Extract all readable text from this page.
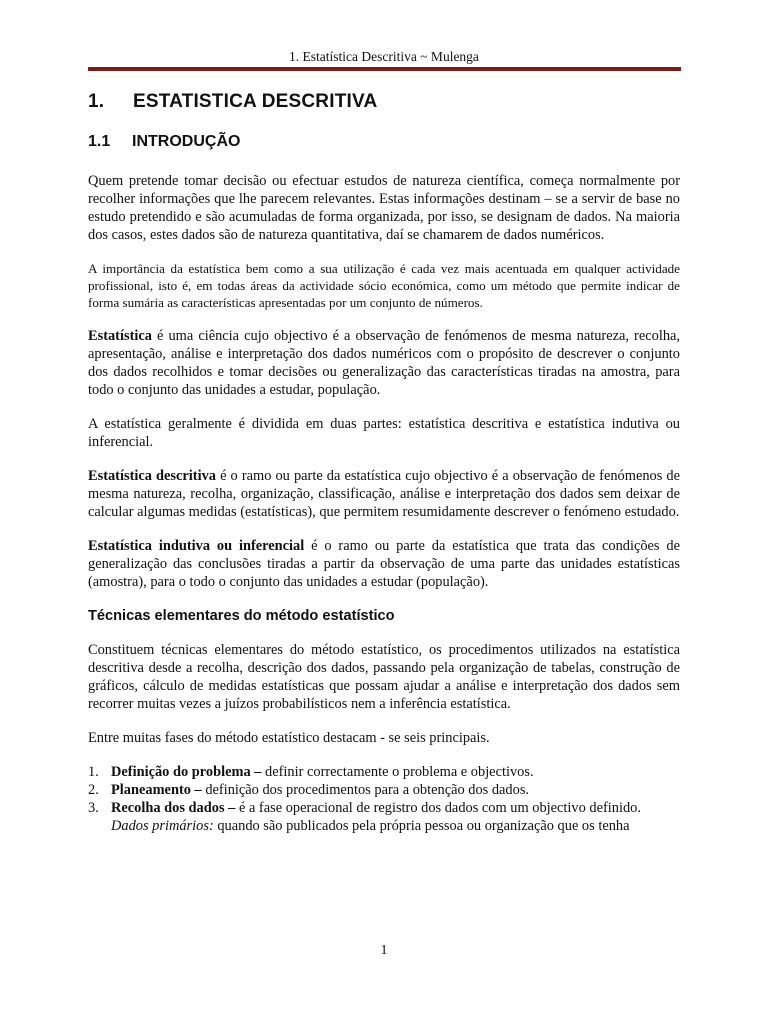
1. Estatística Descritiva ~ Mulenga
1. ESTATISTICA DESCRITIVA
1.1 INTRODUÇÃO

Quem pretende tomar decisão ou efectuar estudos de natureza científica, começa normalmente por recolher informações que lhe parecem relevantes. Estas informações destinam – se a servir de base no estudo pretendido e são acumuladas de forma organizada, por isso, se designam de dados. Na maioria dos casos, estes dados são de natureza quantitativa, daí se chamarem de dados numéricos.

A importância da estatística bem como a sua utilização é cada vez mais acentuada em qualquer actividade profissional, isto é, em todas áreas da actividade sócio económica, como um método que permite indicar de forma sumária as características apresentadas por um conjunto de números.

Estatística é uma ciência cujo objectivo é a observação de fenómenos de mesma natureza, recolha, apresentação, análise e interpretação dos dados numéricos com o propósito de descrever o conjunto dos dados recolhidos e tomar decisões ou generalização das características tiradas na amostra, para todo o conjunto das unidades a estudar, população.

A estatística geralmente é dividida em duas partes: estatística descritiva e estatística indutiva ou inferencial.

Estatística descritiva é o ramo ou parte da estatística cujo objectivo é a observação de fenómenos de mesma natureza, recolha, organização, classificação, análise e interpretação dos dados sem deixar de calcular algumas medidas (estatísticas), que permitem resumidamente descrever o fenómeno estudado.

Estatística indutiva ou inferencial é o ramo ou parte da estatística que trata das condições de generalização das conclusões tiradas a partir da observação de uma parte das unidades estatísticas (amostra), para o todo o conjunto das unidades a estudar (população).

Técnicas elementares do método estatístico

Constituem técnicas elementares do método estatístico, os procedimentos utilizados na estatística descritiva desde a recolha, descrição dos dados, passando pela organização de tabelas, construção de gráficos, cálculo de medidas estatísticas que possam ajudar a análise e interpretação dos dados sem recorrer muitas vezes a juízos probabilísticos nem a inferência estatística.

Entre muitas fases do método estatístico destacam - se seis principais.

1. Definição do problema – definir correctamente o problema e objectivos.
2. Planeamento – definição dos procedimentos para a obtenção dos dados.
3. Recolha dos dados – é a fase operacional de registro dos dados com um objectivo definido.
Dados primários: quando são publicados pela própria pessoa ou organização que os tenha
1
